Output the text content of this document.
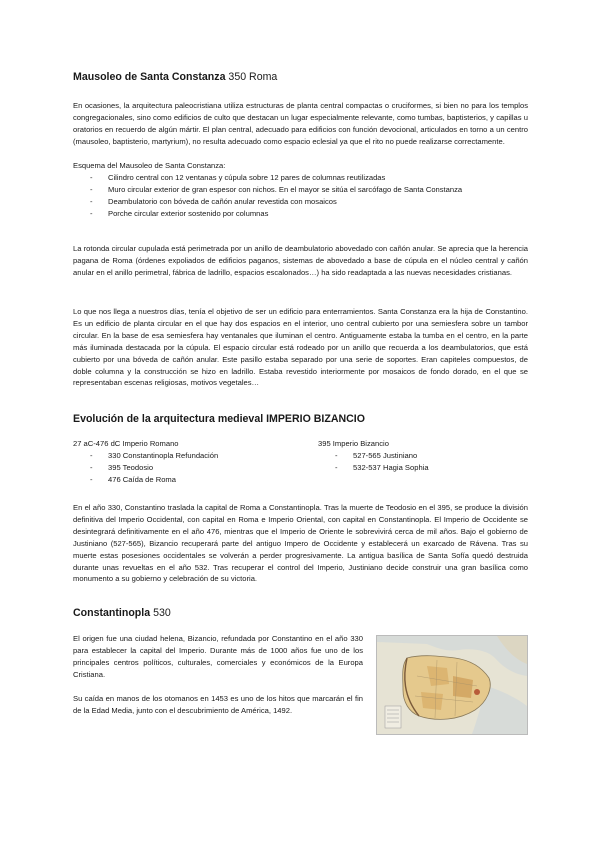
Mausoleo de Santa Constanza 350 Roma

En ocasiones, la arquitectura paleocristiana utiliza estructuras de planta central compactas o cruciformes, si bien no para los templos congregacionales, sino como edificios de culto que destacan un lugar especialmente relevante, como tumbas, baptisterios, y capillas u oratorios en recuerdo de algún mártir. El plan central, adecuado para edificios con función devocional, articulados en torno a un centro (mausoleo, baptisterio, martyrium), no resulta adecuado como espacio eclesial ya que el rito no puede realizarse correctamente.

Esquema del Mausoleo de Santa Constanza:

- Cilindro central con 12 ventanas y cúpula sobre 12 pares de columnas reutilizadas
- Muro circular exterior de gran espesor con nichos. En el mayor se sitúa el sarcófago de Santa Constanza
- Deambulatorio con bóveda de cañón anular revestida con mosaicos
- Porche circular exterior sostenido por columnas

La rotonda circular cupulada está perimetrada por un anillo de deambulatorio abovedado con cañón anular. Se aprecia que la herencia pagana de Roma (órdenes expoliados de edificios paganos, sistemas de abovedado a base de cúpula en el núcleo central y cañón anular en el anillo perimetral, fábrica de ladrillo, espacios escalonados…) ha sido readaptada a las nuevas necesidades cristianas.

Lo que nos llega a nuestros días, tenía el objetivo de ser un edificio para enterramientos. Santa Constanza era la hija de Constantino. Es un edificio de planta circular en el que hay dos espacios en el interior, uno central cubierto por una semiesfera sobre un tambor circular. En la base de esa semiesfera hay ventanales que iluminan el centro. Antiguamente estaba la tumba en el centro, en la parte más iluminada destacada por la cúpula. El espacio circular está rodeado por un anillo que recuerda a los deambulatorios, que está cubierto por una bóveda de cañón anular. Este pasillo estaba separado por una serie de soportes. Eran capiteles compuestos, de doble columna y la construcción se hizo en ladrillo. Estaba revestido interiormente por mosaicos de fondo dorado, en el que se representaban escenas religiosas, motivos vegetales…

Evolución de la arquitectura medieval IMPERIO BIZANCIO
27 aC-476 dC Imperio Romano
- 330 Constantinopla Refundación
- 395 Teodosio
- 476 Caída de Roma
395 Imperio Bizancio
- 527-565 Justiniano
- 532-537 Hagia Sophia

En el año 330, Constantino traslada la capital de Roma a Constantinopla. Tras la muerte de Teodosio en el 395, se produce la división definitiva del Imperio Occidental, con capital en Roma e Imperio Oriental, con capital en Constantinopla. El Imperio de Occidente se desintegrará definitivamente en el año 476, mientras que el Imperio de Oriente le sobrevivirá cerca de mil años. Bajo el gobierno de Justiniano (527-565), Bizancio recuperará parte del antiguo Impero de Occidente y establecerá un exarcado de Rávena. Tras su muerte estas posesiones occidentales se volverán a perder progresivamente. La antigua basílica de Santa Sofía quedó destruida durante unas revueltas en el año 532. Tras recuperar el control del Imperio, Justiniano decide construir una gran basílica como monumento a su gobierno y celebración de su victoria.

Constantinopla 530

El origen fue una ciudad helena, Bizancio, refundada por Constantino en el año 330 para establecer la capital del Imperio. Durante más de 1000 años fue uno de los principales centros políticos, culturales, comerciales y económicos de la Europa Cristiana.

Su caída en manos de los otomanos en 1453 es uno de los hitos que marcarán el fin de la Edad Media, junto con el descubrimiento de América, 1492.
